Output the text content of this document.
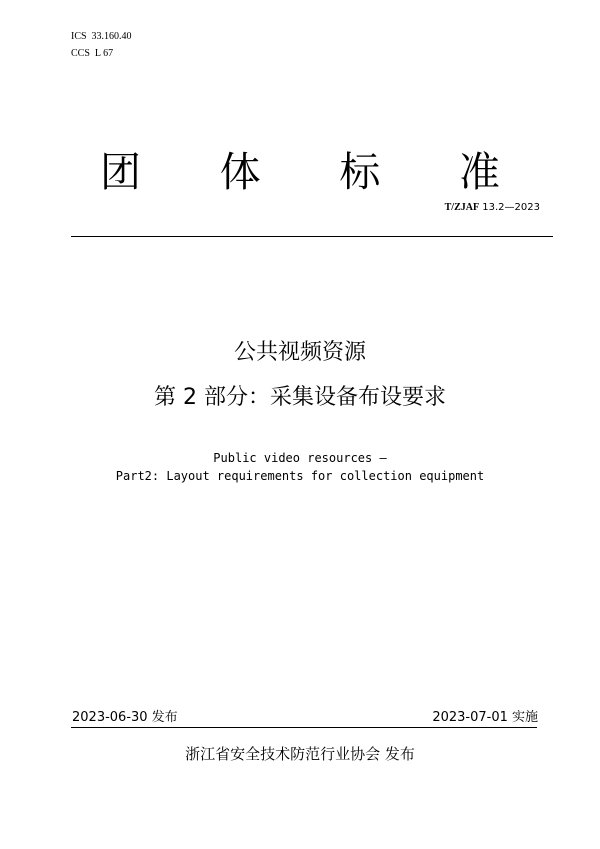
ICS  33.160.40
CCS  L 67
团 体 标 准
T/ZJAF 13.2—2023
公共视频资源
第 2 部分：采集设备布设要求
Public video resources —
Part2: Layout requirements for collection equipment
2023-06-30 发布	2023-07-01 实施
浙江省安全技术防范行业协会 发布
